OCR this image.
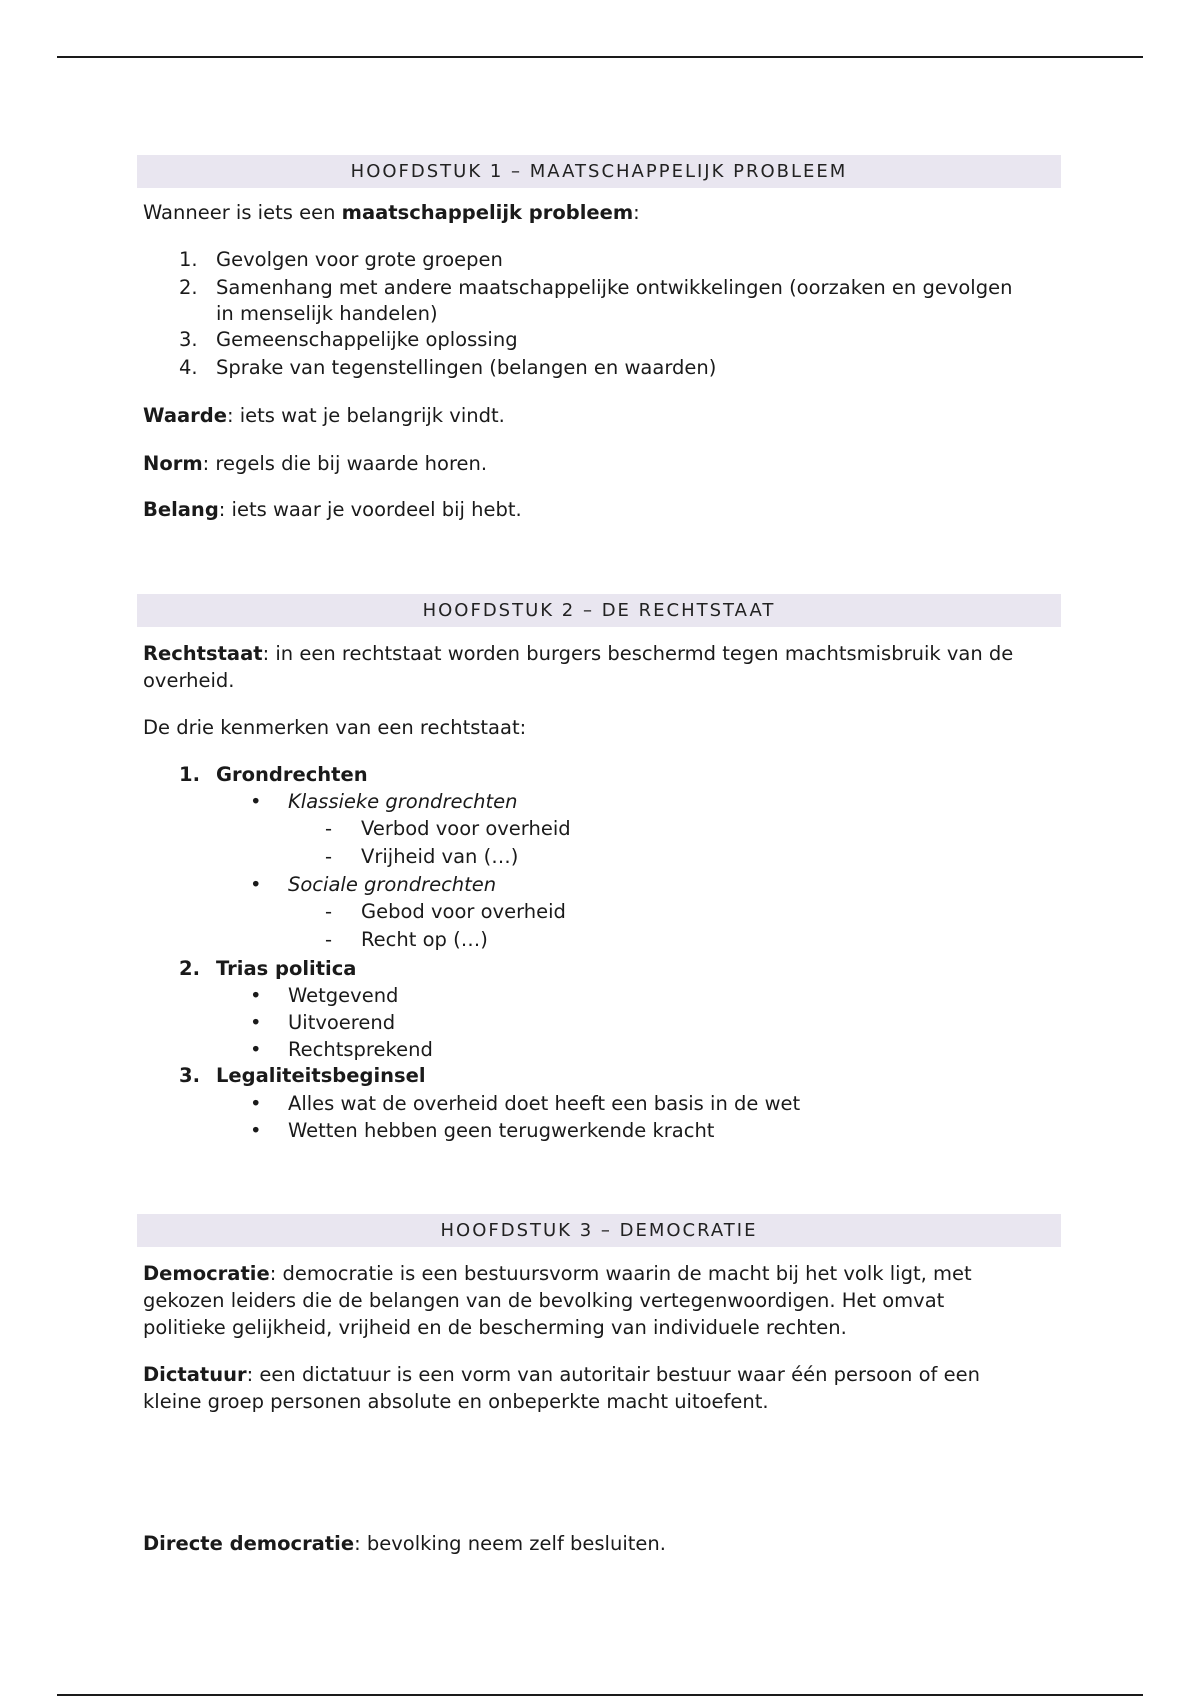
HOOFDSTUK 1 – MAATSCHAPPELIJK PROBLEEM
Wanneer is iets een maatschappelijk probleem:
1. Gevolgen voor grote groepen
2. Samenhang met andere maatschappelijke ontwikkelingen (oorzaken en gevolgen
in menselijk handelen)
3. Gemeenschappelijke oplossing
4. Sprake van tegenstellingen (belangen en waarden)
Waarde: iets wat je belangrijk vindt.
Norm: regels die bij waarde horen.
Belang: iets waar je voordeel bij hebt.
HOOFDSTUK 2 – DE RECHTSTAAT
Rechtstaat: in een rechtstaat worden burgers beschermd tegen machtsmisbruik van de
overheid.
De drie kenmerken van een rechtstaat:
1. Grondrechten
• Klassieke grondrechten
- Verbod voor overheid
- Vrijheid van (…)
• Sociale grondrechten
- Gebod voor overheid
- Recht op (…)
2. Trias politica
• Wetgevend
• Uitvoerend
• Rechtsprekend
3. Legaliteitsbeginsel
• Alles wat de overheid doet heeft een basis in de wet
• Wetten hebben geen terugwerkende kracht
HOOFDSTUK 3 – DEMOCRATIE
Democratie: democratie is een bestuursvorm waarin de macht bij het volk ligt, met
gekozen leiders die de belangen van de bevolking vertegenwoordigen. Het omvat
politieke gelijkheid, vrijheid en de bescherming van individuele rechten.
Dictatuur: een dictatuur is een vorm van autoritair bestuur waar één persoon of een
kleine groep personen absolute en onbeperkte macht uitoefent.
Directe democratie: bevolking neem zelf besluiten.
